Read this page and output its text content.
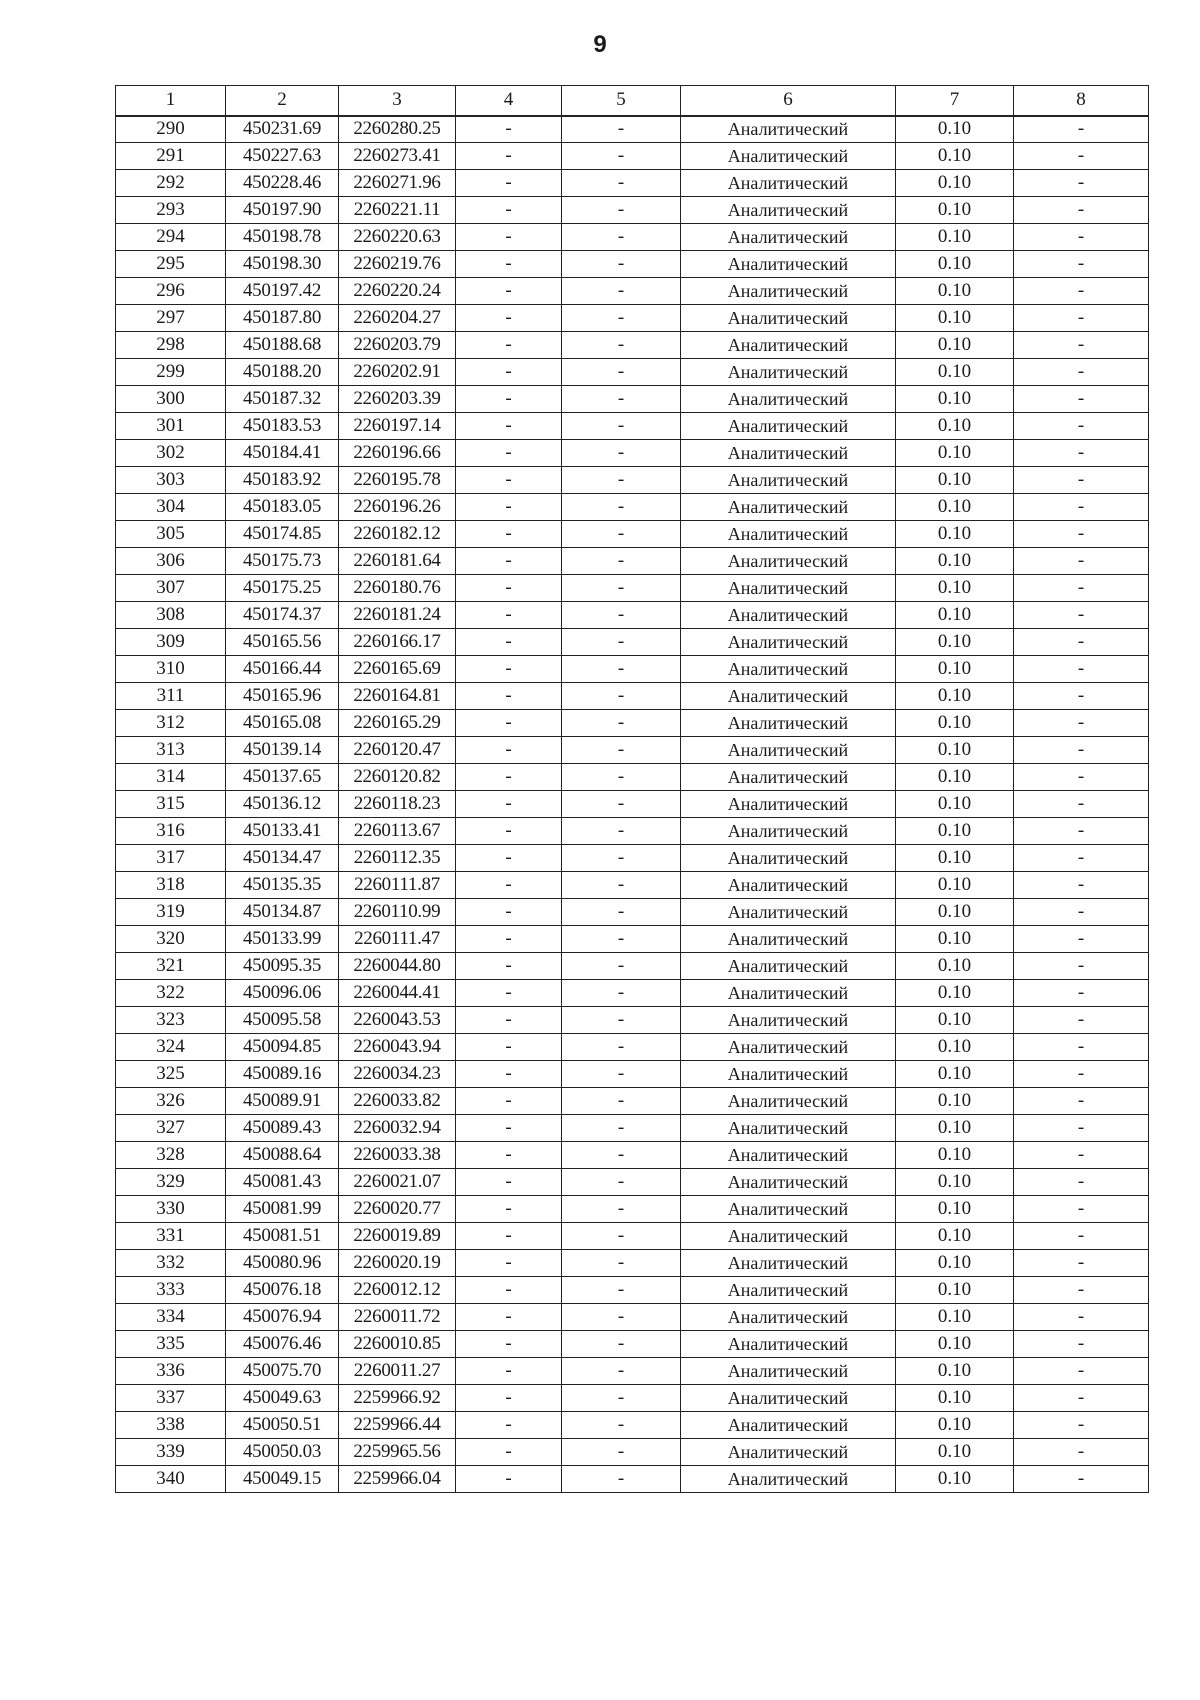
9
1	2	3	4	5	6	7	8
290	450231.69	2260280.25	-	-	Аналитический	0.10	-
291	450227.63	2260273.41	-	-	Аналитический	0.10	-
292	450228.46	2260271.96	-	-	Аналитический	0.10	-
293	450197.90	2260221.11	-	-	Аналитический	0.10	-
294	450198.78	2260220.63	-	-	Аналитический	0.10	-
295	450198.30	2260219.76	-	-	Аналитический	0.10	-
296	450197.42	2260220.24	-	-	Аналитический	0.10	-
297	450187.80	2260204.27	-	-	Аналитический	0.10	-
298	450188.68	2260203.79	-	-	Аналитический	0.10	-
299	450188.20	2260202.91	-	-	Аналитический	0.10	-
300	450187.32	2260203.39	-	-	Аналитический	0.10	-
301	450183.53	2260197.14	-	-	Аналитический	0.10	-
302	450184.41	2260196.66	-	-	Аналитический	0.10	-
303	450183.92	2260195.78	-	-	Аналитический	0.10	-
304	450183.05	2260196.26	-	-	Аналитический	0.10	-
305	450174.85	2260182.12	-	-	Аналитический	0.10	-
306	450175.73	2260181.64	-	-	Аналитический	0.10	-
307	450175.25	2260180.76	-	-	Аналитический	0.10	-
308	450174.37	2260181.24	-	-	Аналитический	0.10	-
309	450165.56	2260166.17	-	-	Аналитический	0.10	-
310	450166.44	2260165.69	-	-	Аналитический	0.10	-
311	450165.96	2260164.81	-	-	Аналитический	0.10	-
312	450165.08	2260165.29	-	-	Аналитический	0.10	-
313	450139.14	2260120.47	-	-	Аналитический	0.10	-
314	450137.65	2260120.82	-	-	Аналитический	0.10	-
315	450136.12	2260118.23	-	-	Аналитический	0.10	-
316	450133.41	2260113.67	-	-	Аналитический	0.10	-
317	450134.47	2260112.35	-	-	Аналитический	0.10	-
318	450135.35	2260111.87	-	-	Аналитический	0.10	-
319	450134.87	2260110.99	-	-	Аналитический	0.10	-
320	450133.99	2260111.47	-	-	Аналитический	0.10	-
321	450095.35	2260044.80	-	-	Аналитический	0.10	-
322	450096.06	2260044.41	-	-	Аналитический	0.10	-
323	450095.58	2260043.53	-	-	Аналитический	0.10	-
324	450094.85	2260043.94	-	-	Аналитический	0.10	-
325	450089.16	2260034.23	-	-	Аналитический	0.10	-
326	450089.91	2260033.82	-	-	Аналитический	0.10	-
327	450089.43	2260032.94	-	-	Аналитический	0.10	-
328	450088.64	2260033.38	-	-	Аналитический	0.10	-
329	450081.43	2260021.07	-	-	Аналитический	0.10	-
330	450081.99	2260020.77	-	-	Аналитический	0.10	-
331	450081.51	2260019.89	-	-	Аналитический	0.10	-
332	450080.96	2260020.19	-	-	Аналитический	0.10	-
333	450076.18	2260012.12	-	-	Аналитический	0.10	-
334	450076.94	2260011.72	-	-	Аналитический	0.10	-
335	450076.46	2260010.85	-	-	Аналитический	0.10	-
336	450075.70	2260011.27	-	-	Аналитический	0.10	-
337	450049.63	2259966.92	-	-	Аналитический	0.10	-
338	450050.51	2259966.44	-	-	Аналитический	0.10	-
339	450050.03	2259965.56	-	-	Аналитический	0.10	-
340	450049.15	2259966.04	-	-	Аналитический	0.10	-
